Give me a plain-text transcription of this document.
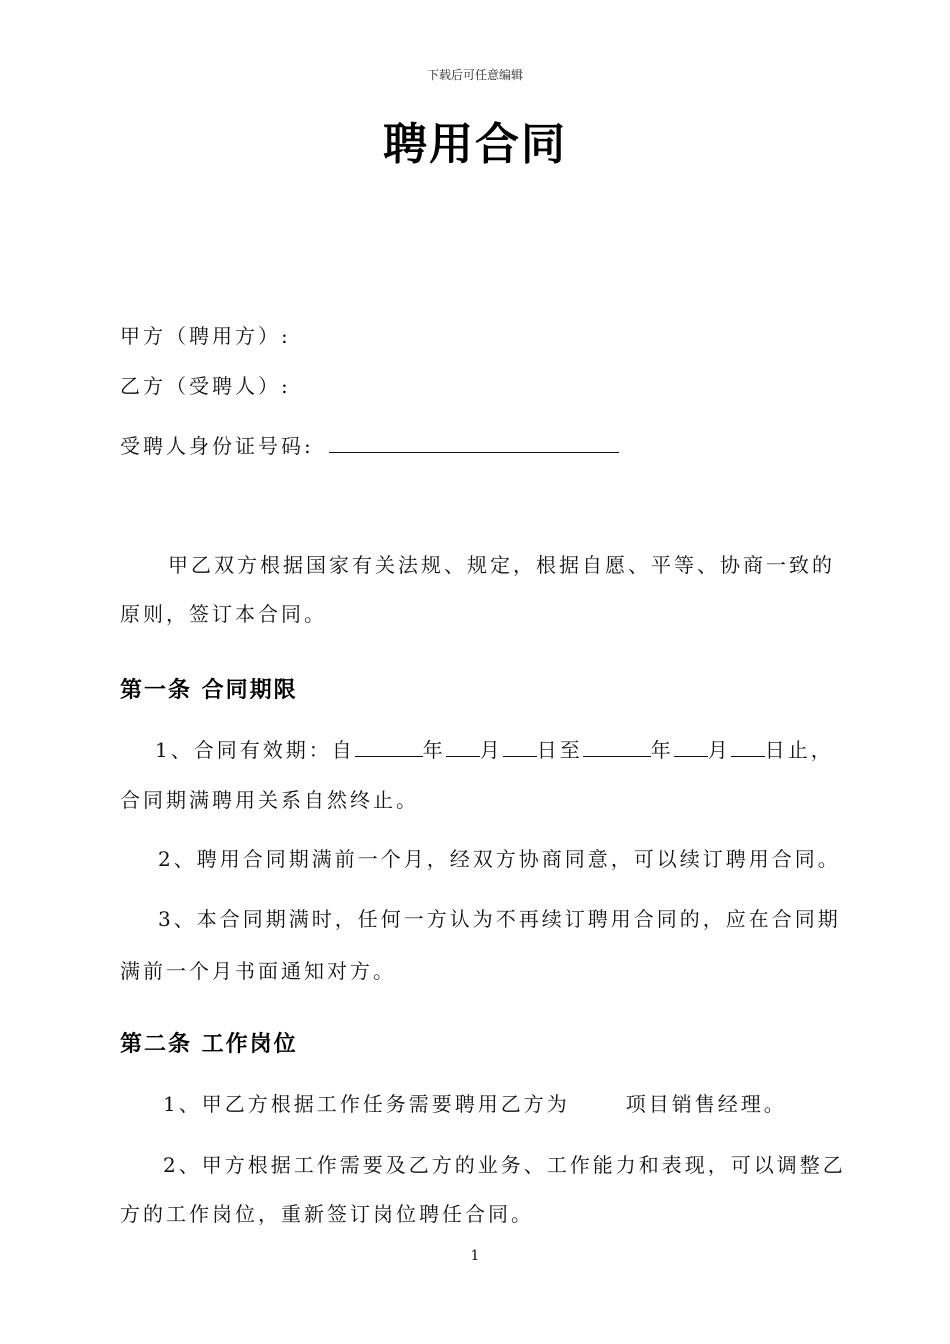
下载后可任意编辑
聘用合同
甲方（聘用方）:
乙方（受聘人）:
受聘人身份证号码:
甲乙双方根据国家有关法规、规定，根据自愿、平等、协商一致的
原则，签订本合同。
第一条 合同期限
1、合同有效期：自	年 月 日至	年 月 日止，
合同期满聘用关系自然终止。
2、聘用合同期满前一个月，经双方协商同意，可以续订聘用合同。
3、本合同期满时，任何一方认为不再续订聘用合同的，应在合同期
满前一个月书面通知对方。
第二条 工作岗位
1、甲乙方根据工作任务需要聘用乙方为	项目销售经理。
2、甲方根据工作需要及乙方的业务、工作能力和表现，可以调整乙
方的工作岗位，重新签订岗位聘任合同。
1
